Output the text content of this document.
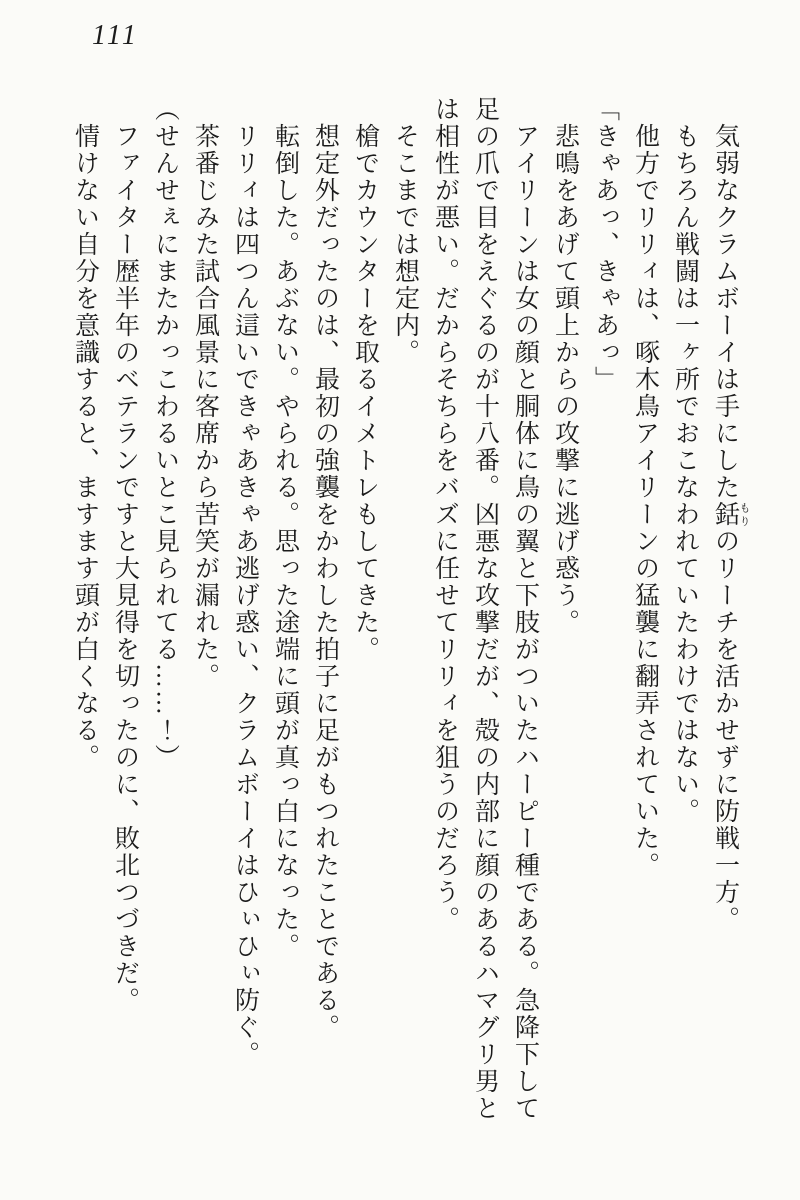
111

気弱なクラムボーイは手にした銛 もりのリーチを活かせずに防戦一方。

もちろん戦闘は一ヶ所でおこなわれていたわけではない。

他方でリリィは、啄木鳥アイリーンの猛襲に翻弄されていた。

「きゃあっ、きゃあっ」

悲鳴をあげて頭上からの攻撃に逃げ惑う。

アイリーンは女の顔と胴体に鳥の翼と下肢がついたハーピー種である。急降下して足の爪で目をえぐるのが十八番。凶悪な攻撃だが、殻の内部に顔のあるハマグリ男とは相性が悪い。だからそちらをバズに任せてリリィを狙うのだろう。

そこまでは想定内。

槍でカウンターを取るイメトレもしてきた。

想定外だったのは、最初の強襲をかわした拍子に足がもつれたことである。

転倒した。あぶない。やられる。思った途端に頭が真っ白になった。

リリィは四つん這いできゃあきゃあ逃げ惑い、クラムボーイはひぃひぃ防ぐ。

茶番じみた試合風景に客席から苦笑が漏れた。

（せんせぇにまたかっこわるいとこ見られてる……！）

ファイター歴半年のベテランですと大見得を切ったのに、敗北つづきだ。

情けない自分を意識すると、ますます頭が白くなる。
